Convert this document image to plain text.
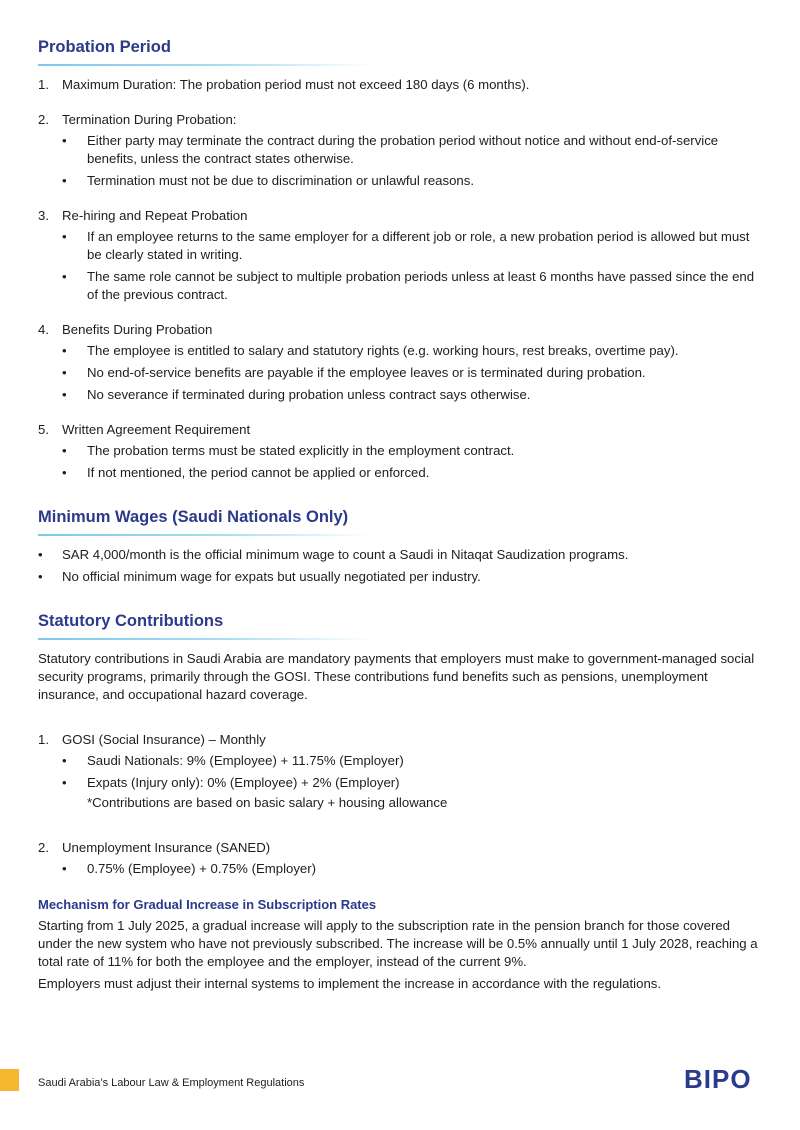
Probation Period
1. Maximum Duration: The probation period must not exceed 180 days (6 months).
2. Termination During Probation:
• Either party may terminate the contract during the probation period without notice and without end-of-service benefits, unless the contract states otherwise.
• Termination must not be due to discrimination or unlawful reasons.
3. Re-hiring and Repeat Probation
• If an employee returns to the same employer for a different job or role, a new probation period is allowed but must be clearly stated in writing.
• The same role cannot be subject to multiple probation periods unless at least 6 months have passed since the end of the previous contract.
4. Benefits During Probation
• The employee is entitled to salary and statutory rights (e.g. working hours, rest breaks, overtime pay).
• No end-of-service benefits are payable if the employee leaves or is terminated during probation.
• No severance if terminated during probation unless contract says otherwise.
5. Written Agreement Requirement
• The probation terms must be stated explicitly in the employment contract.
• If not mentioned, the period cannot be applied or enforced.
Minimum Wages (Saudi Nationals Only)
• SAR 4,000/month is the official minimum wage to count a Saudi in Nitaqat Saudization programs.
• No official minimum wage for expats but usually negotiated per industry.
Statutory Contributions

Statutory contributions in Saudi Arabia are mandatory payments that employers must make to government-managed social security programs, primarily through the GOSI. These contributions fund benefits such as pensions, unemployment insurance, and occupational hazard coverage.

1. GOSI (Social Insurance) – Monthly
• Saudi Nationals: 9% (Employee) + 11.75% (Employer)
• Expats (Injury only): 0% (Employee) + 2% (Employer)
*Contributions are based on basic salary + housing allowance
2. Unemployment Insurance (SANED)
• 0.75% (Employee) + 0.75% (Employer)
Mechanism for Gradual Increase in Subscription Rates

Starting from 1 July 2025, a gradual increase will apply to the subscription rate in the pension branch for those covered under the new system who have not previously subscribed. The increase will be 0.5% annually until 1 July 2028, reaching a total rate of 11% for both the employee and the employer, instead of the current 9%.

Employers must adjust their internal systems to implement the increase in accordance with the regulations.

Saudi Arabia’s Labour Law & Employment Regulations	BIPO
